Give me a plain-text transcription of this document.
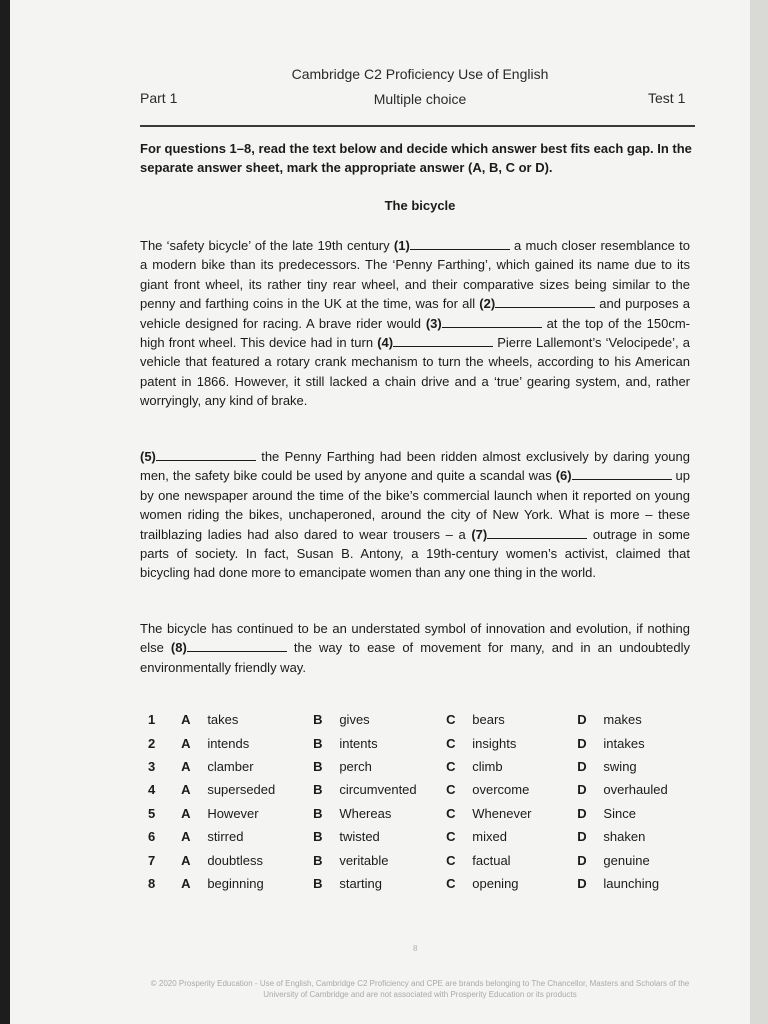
Cambridge C2 Proficiency Use of English
Part 1	Multiple choice	Test 1
For questions 1–8, read the text below and decide which answer best fits each gap. In the separate answer sheet, mark the appropriate answer (A, B, C or D).
The bicycle
The ‘safety bicycle’ of the late 19th century (1)	a much closer resemblance to a modern bike than its predecessors. The ‘Penny Farthing’, which gained its name due to its giant front wheel, its rather tiny rear wheel, and their comparative sizes being similar to the penny and farthing coins in the UK at the time, was for all (2)	and purposes a vehicle designed for racing. A brave rider would (3)	at the top of the 150cm-high front wheel. This device had in turn (4)	Pierre Lallemont’s ‘Velocipede’, a vehicle that featured a rotary crank mechanism to turn the wheels, according to his American patent in 1866. However, it still lacked a chain drive and a ‘true’ gearing system, and, rather worryingly, any kind of brake.
(5)	the Penny Farthing had been ridden almost exclusively by daring young men, the safety bike could be used by anyone and quite a scandal was (6)	up by one newspaper around the time of the bike’s commercial launch when it reported on young women riding the bikes, unchaperoned, around the city of New York. What is more – these trailblazing ladies had also dared to wear trousers – a (7)	outrage in some parts of society. In fact, Susan B. Antony, a 19th-century women’s activist, claimed that bicycling had done more to emancipate women than any one thing in the world.
The bicycle has continued to be an understated symbol of innovation and evolution, if nothing else (8)	the way to ease of movement for many, and in an undoubtedly environmentally friendly way.
1	A	takes	B	gives	C	bears	D	makes
2	A	intends	B	intents	C	insights	D	intakes
3	A	clamber	B	perch	C	climb	D	swing
4	A	superseded	B	circumvented	C	overcome	D	overhauled
5	A	However	B	Whereas	C	Whenever	D	Since
6	A	stirred	B	twisted	C	mixed	D	shaken
7	A	doubtless	B	veritable	C	factual	D	genuine
8	A	beginning	B	starting	C	opening	D	launching
8
© 2020 Prosperity Education - Use of English, Cambridge C2 Proficiency and CPE are brands belonging to The Chancellor, Masters and Scholars of the University of Cambridge and are not associated with Prosperity Education or its products
